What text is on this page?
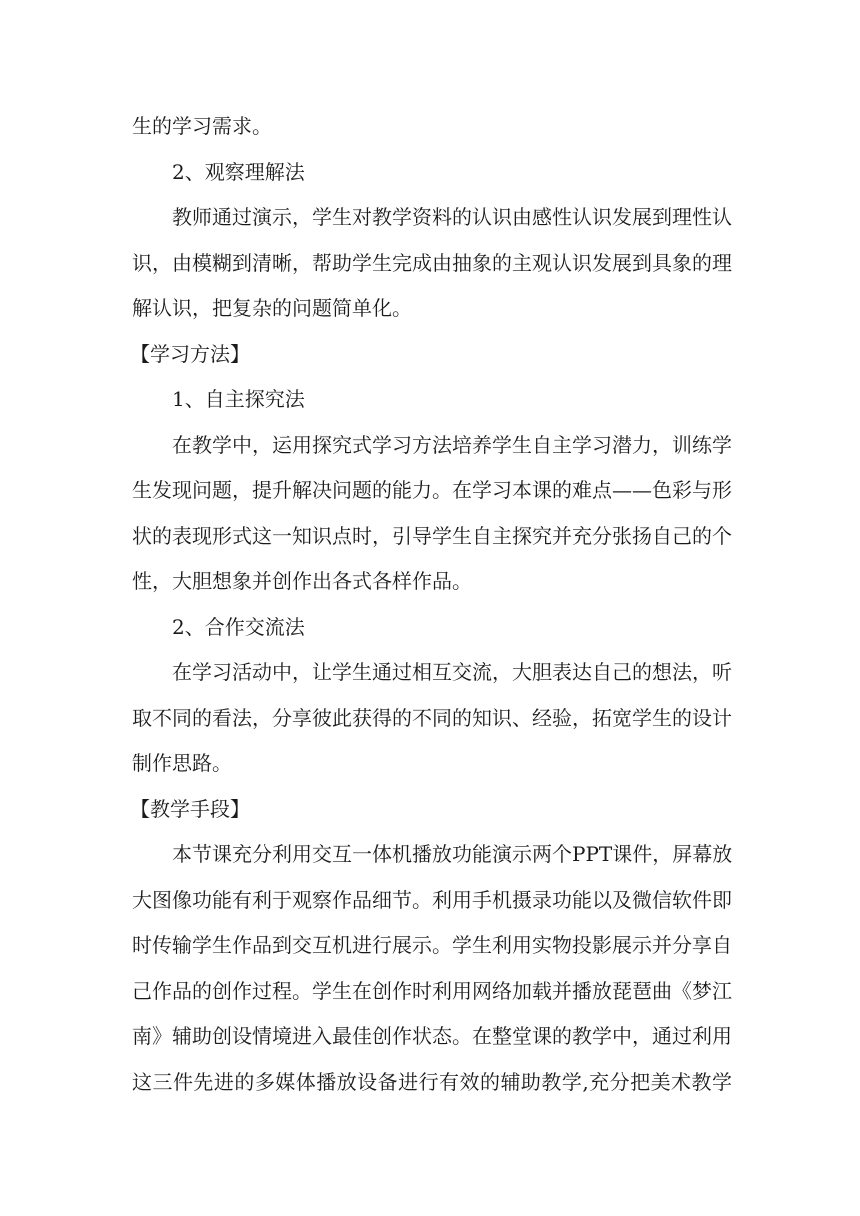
生的学习需求。
2、观察理解法
教师通过演示，学生对教学资料的认识由感性认识发展到理性认
识，由模糊到清晰，帮助学生完成由抽象的主观认识发展到具象的理
解认识，把复杂的问题简单化。
【学习方法】
1、自主探究法
在教学中，运用探究式学习方法培养学生自主学习潜力，训练学
生发现问题，提升解决问题的能力。在学习本课的难点——色彩与形
状的表现形式这一知识点时，引导学生自主探究并充分张扬自己的个
性，大胆想象并创作出各式各样作品。
2、合作交流法
在学习活动中，让学生通过相互交流，大胆表达自己的想法，听
取不同的看法，分享彼此获得的不同的知识、经验，拓宽学生的设计
制作思路。
【教学手段】
本节课充分利用交互一体机播放功能演示两个PPT课件，屏幕放
大图像功能有利于观察作品细节。利用手机摄录功能以及微信软件即
时传输学生作品到交互机进行展示。学生利用实物投影展示并分享自
己作品的创作过程。学生在创作时利用网络加载并播放琵琶曲《梦江
南》辅助创设情境进入最佳创作状态。在整堂课的教学中，通过利用
这三件先进的多媒体播放设备进行有效的辅助教学,充分把美术教学
